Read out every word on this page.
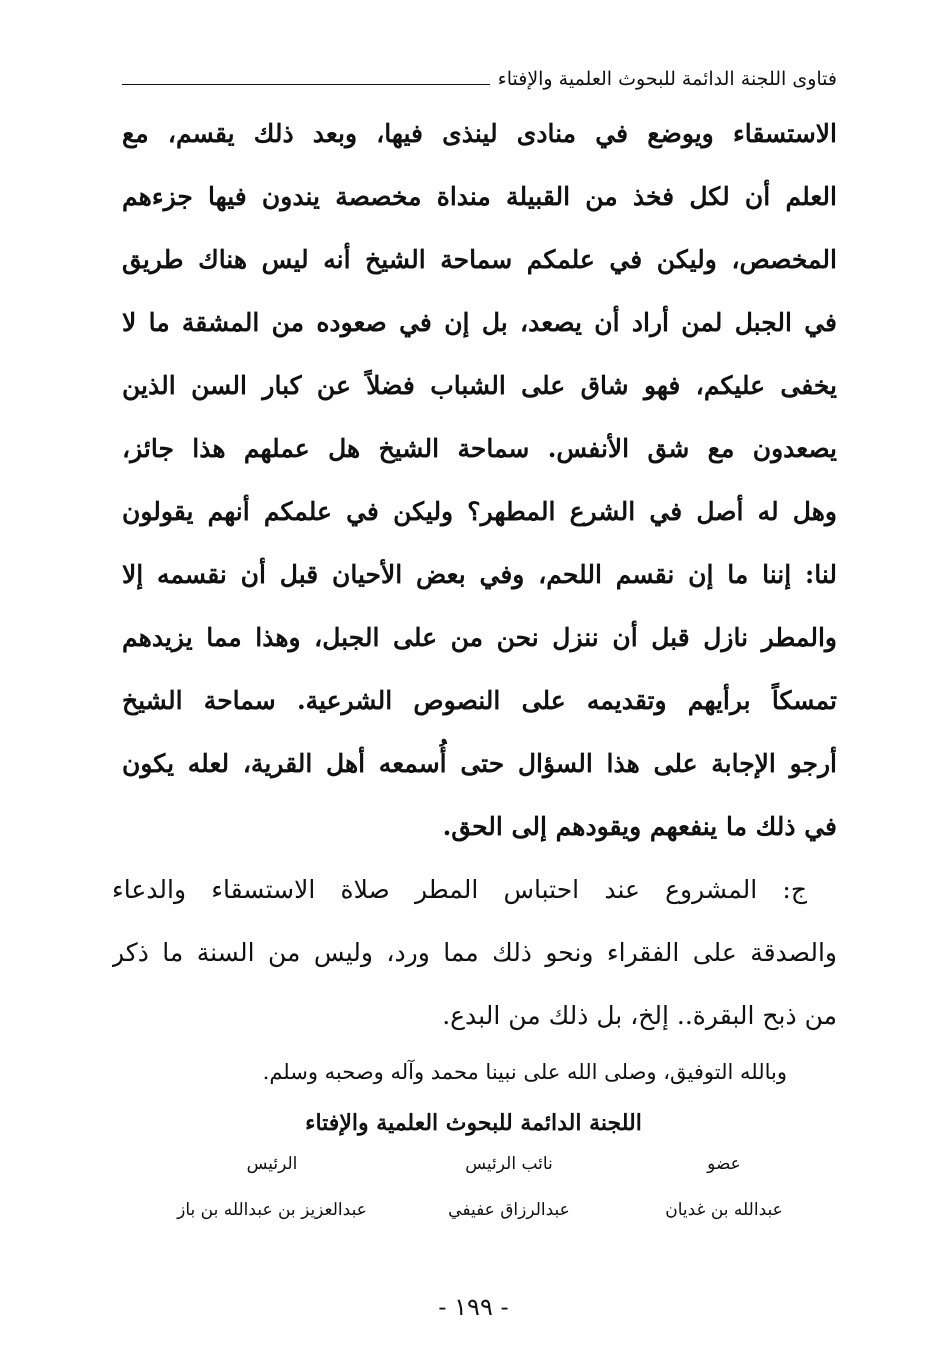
فتاوى اللجنة الدائمة للبحوث العلمية والإفتاء
الاستسقاء ويوضع في منادى لينذى فيها، وبعد ذلك يقسم، مع
العلم أن لكل فخذ من القبيلة منداة مخصصة يندون فيها جزءهم
المخصص، وليكن في علمكم سماحة الشيخ أنه ليس هناك طريق
في الجبل لمن أراد أن يصعد، بل إن في صعوده من المشقة ما لا
يخفى عليكم، فهو شاق على الشباب فضلاً عن كبار السن الذين
يصعدون مع شق الأنفس. سماحة الشيخ هل عملهم هذا جائز،
وهل له أصل في الشرع المطهر؟ وليكن في علمكم أنهم يقولون
لنا: إننا ما إن نقسم اللحم، وفي بعض الأحيان قبل أن نقسمه إلا
والمطر نازل قبل أن ننزل نحن من على الجبل، وهذا مما يزيدهم
تمسكاً برأيهم وتقديمه على النصوص الشرعية. سماحة الشيخ
أرجو الإجابة على هذا السؤال حتى أُسمعه أهل القرية، لعله يكون
في ذلك ما ينفعهم ويقودهم إلى الحق.
ج: المشروع عند احتباس المطر صلاة الاستسقاء والدعاء
والصدقة على الفقراء ونحو ذلك مما ورد، وليس من السنة ما ذكر
من ذبح البقرة.. إلخ، بل ذلك من البدع.
وبالله التوفيق، وصلى الله على نبينا محمد وآله وصحبه وسلم.
اللجنة الدائمة للبحوث العلمية والإفتاء
الرئيس
عبدالعزيز بن عبدالله بن باز
نائب الرئيس
عبدالرزاق عفيفي
عضو
عبدالله بن غديان
- ١٩٩ -
